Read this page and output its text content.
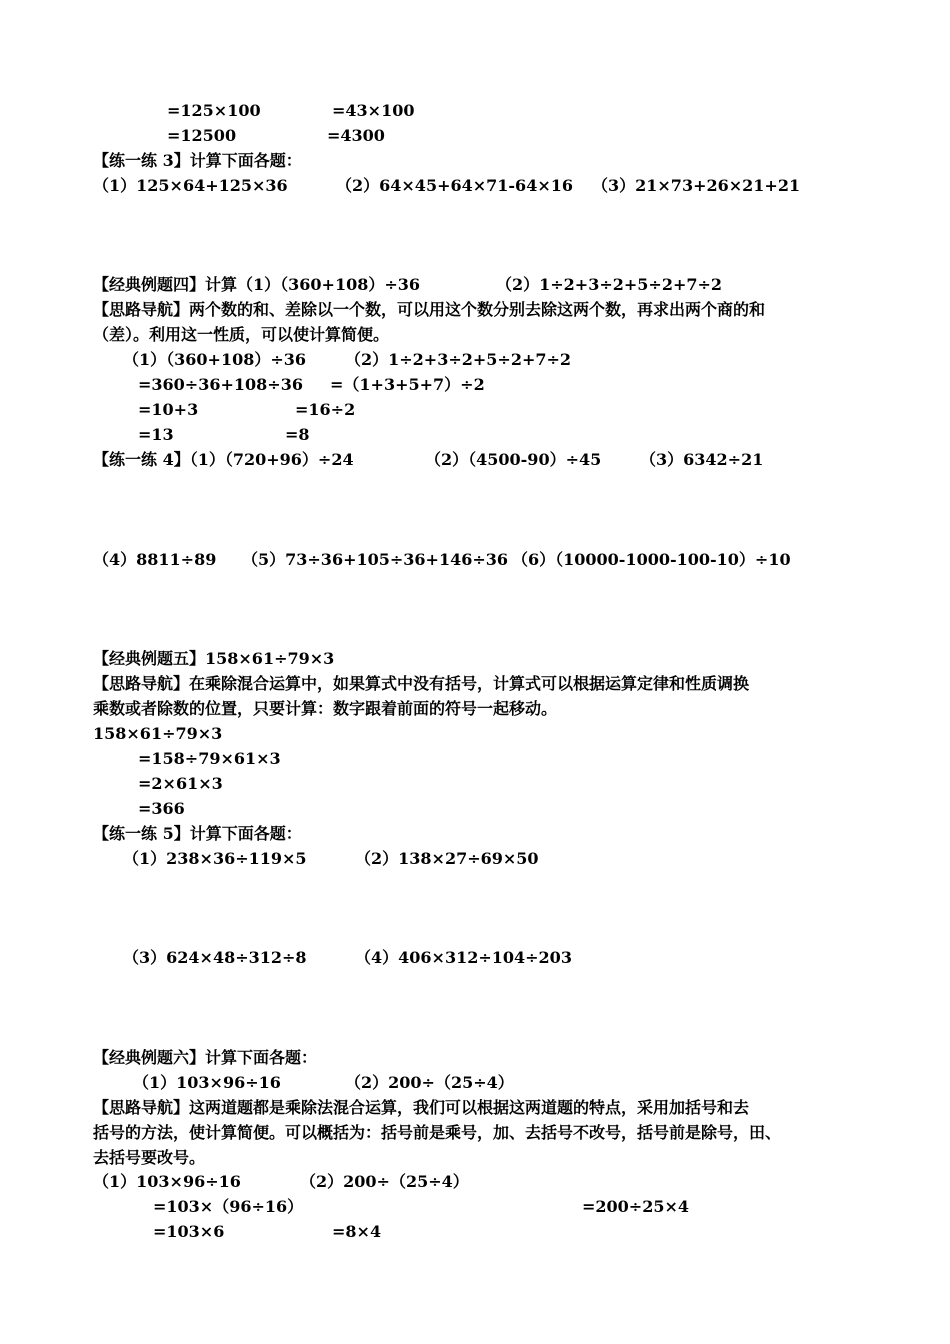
=125×100	=43×100
=12500	=4300
【练一练 3】计算下面各题：
（1）125×64+125×36	（2）64×45+64×71-64×16 （3）21×73+26×21+21
【经典例题四】计算（1）（360+108）÷36	（2）1÷2+3÷2+5÷2+7÷2
【思路导航】两个数的和、差除以一个数，可以用这个数分别去除这两个数，再求出两个商的和
（差）。利用这一性质，可以使计算简便。
（1）（360+108）÷36 （2）1÷2+3÷2+5÷2+7÷2
=360÷36+108÷36 =（1+3+5+7）÷2
=10+3	=16÷2
=13	=8
【练一练 4】（1）（720+96）÷24	（2）（4500-90）÷45 （3）6342÷21
（4）8811÷89 （5）73÷36+105÷36+146÷36 （6）（10000-1000-100-10）÷10
【经典例题五】158×61÷79×3
【思路导航】在乘除混合运算中，如果算式中没有括号，计算式可以根据运算定律和性质调换
乘数或者除数的位置，只要计算：数字跟着前面的符号一起移动。
158×61÷79×3
=158÷79×61×3
=2×61×3
=366
【练一练 5】计算下面各题：
（1）238×36÷119×5	（2）138×27÷69×50
（3）624×48÷312÷8	（4）406×312÷104÷203
【经典例题六】计算下面各题：
（1）103×96÷16	（2）200÷（25÷4）
【思路导航】这两道题都是乘除法混合运算，我们可以根据这两道题的特点，采用加括号和去
括号的方法，使计算简便。可以概括为：括号前是乘号，加、去括号不改号，括号前是除号，田、
去括号要改号。
（1）103×96÷16	（2）200÷（25÷4）
=103×（96÷16）	=200÷25×4
=103×6	=8×4
